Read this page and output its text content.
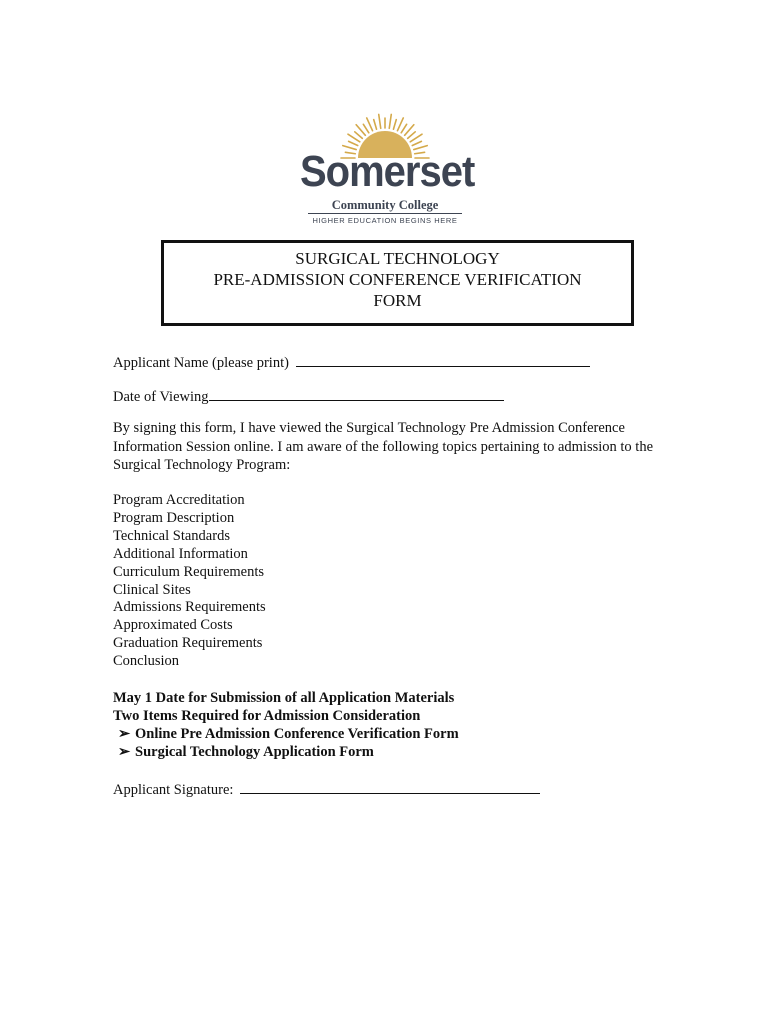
Somerset
Community College
HIGHER EDUCATION BEGINS HERE
SURGICAL TECHNOLOGY
PRE-ADMISSION CONFERENCE VERIFICATION
FORM
Applicant Name (please print)
Date of Viewing
By signing this form, I have viewed the Surgical Technology Pre Admission Conference Information Session online. I am aware of the following topics pertaining to admission to the Surgical Technology Program:
Program Accreditation
Program Description
Technical Standards
Additional Information
Curriculum Requirements
Clinical Sites
Admissions Requirements
Approximated Costs
Graduation Requirements
Conclusion
May 1 Date for Submission of all Application Materials
Two Items Required for Admission Consideration
➢ Online Pre Admission Conference Verification Form
➢ Surgical Technology Application Form
Applicant Signature:
